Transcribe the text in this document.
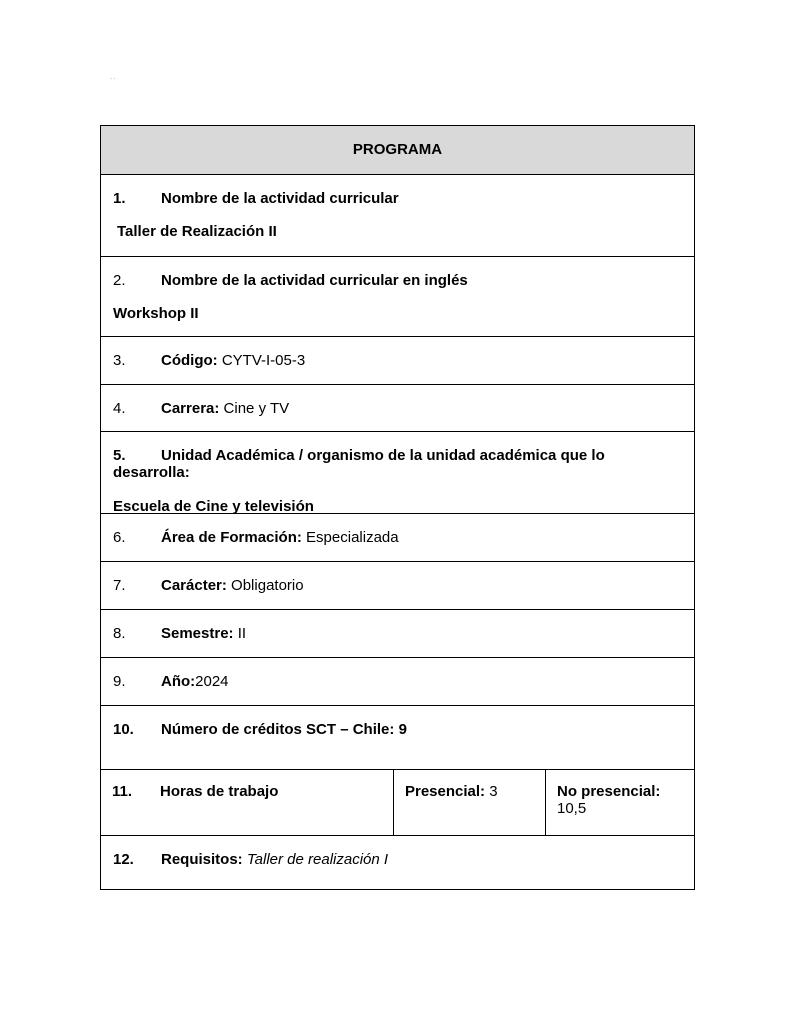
..
PROGRAMA
1. Nombre de la actividad curricular
Taller de Realización II
2. Nombre de la actividad curricular en inglés
Workshop II
3. Código: CYTV-I-05-3
4. Carrera: Cine y TV
5. Unidad Académica / organismo de la unidad académica que lo desarrolla:
Escuela de Cine y televisión
6. Área de Formación: Especializada
7. Carácter: Obligatorio
8. Semestre: II
9. Año:2024
10. Número de créditos SCT – Chile: 9
11. Horas de trabajo	Presencial: 3	No presencial: 10,5
12. Requisitos: Taller de realización I
